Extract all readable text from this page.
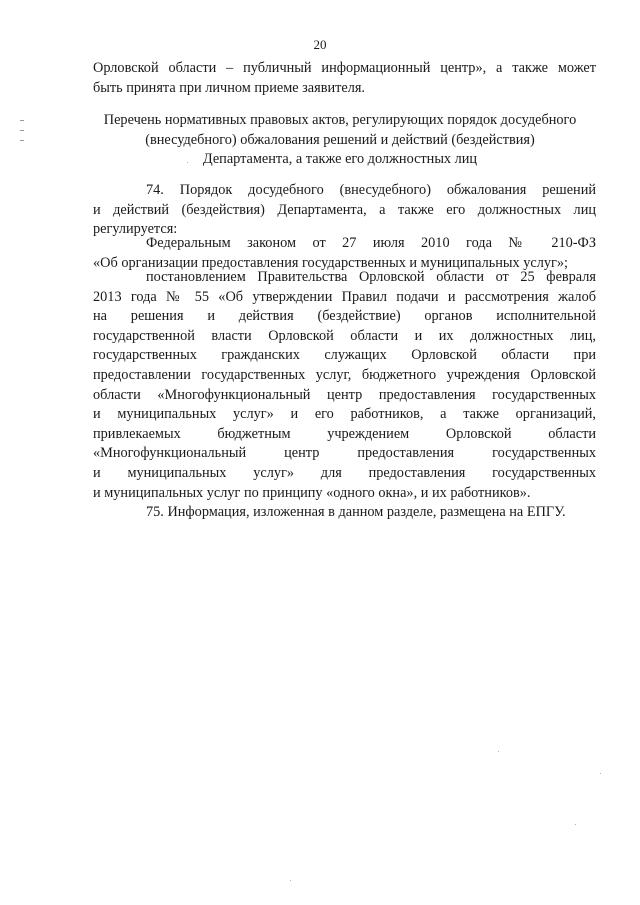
20
Орловской области – публичный информационный центр», а также может
быть принята при личном приеме заявителя.
Перечень нормативных правовых актов, регулирующих порядок досудебного
(внесудебного) обжалования решений и действий (бездействия)
Департамента, а также его должностных лиц
74. Порядок досудебного (внесудебного) обжалования решений
и действий (бездействия) Департамента, а также его должностных лиц
регулируется:
Федеральным законом от 27 июля 2010 года № 210-ФЗ
«Об организации предоставления государственных и муниципальных услуг»;
постановлением Правительства Орловской области от 25 февраля
2013 года № 55 «Об утверждении Правил подачи и рассмотрения жалоб
на решения и действия (бездействие) органов исполнительной
государственной власти Орловской области и их должностных лиц,
государственных гражданских служащих Орловской области при
предоставлении государственных услуг, бюджетного учреждения Орловской
области «Многофункциональный центр предоставления государственных
и муниципальных услуг» и его работников, а также организаций,
привлекаемых бюджетным учреждением Орловской области
«Многофункциональный центр предоставления государственных
и муниципальных услуг» для предоставления государственных
и муниципальных услуг по принципу «одного окна», и их работников».
75. Информация, изложенная в данном разделе, размещена на ЕПГУ.
